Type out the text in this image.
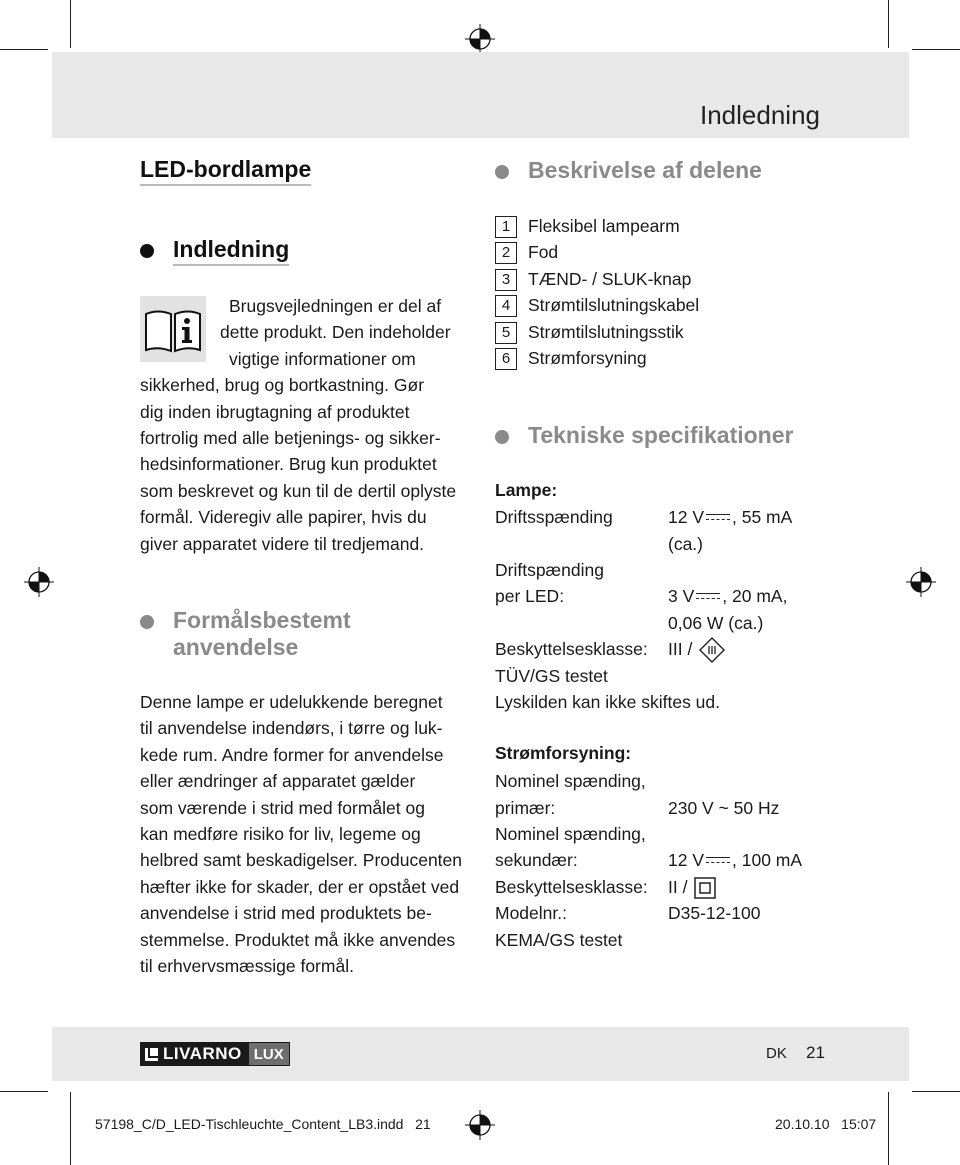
Indledning
LED-bordlampe
Indledning
Brugsvejledningen er del af
dette produkt. Den indeholder
vigtige informationer om
sikkerhed, brug og bortkastning. Gør
dig inden ibrugtagning af produktet
fortrolig med alle betjenings- og sikker-
hedsinformationer. Brug kun produktet
som beskrevet og kun til de dertil oplyste
formål. Videregiv alle papirer, hvis du
giver apparatet videre til tredjemand.
Formålsbestemt
anvendelse
Denne lampe er udelukkende beregnet
til anvendelse indendørs, i tørre og luk-
kede rum. Andre former for anvendelse
eller ændringer af apparatet gælder
som værende i strid med formålet og
kan medføre risiko for liv, legeme og
helbred samt beskadigelser. Producenten
hæfter ikke for skader, der er opstået ved
anvendelse i strid med produktets be-
stemmelse. Produktet må ikke anvendes
til erhvervsmæssige formål.
Beskrivelse af delene
1	Fleksibel lampearm
2	Fod
3	TÆND- / SLUK-knap
4	Strømtilslutningskabel
5	Strømtilslutningsstik
6	Strømforsyning
Tekniske specifikationer
Lampe:
Driftsspænding	12 V , 55 mA
(ca.)
Driftspænding
per LED:	3 V , 20 mA,
0,06 W (ca.)
Beskyttelsesklasse: III /
TÜV/GS testet
Lyskilden kan ikke skiftes ud.
Strømforsyning:
Nominel spænding,
primær:	230 V ~ 50 Hz
Nominel spænding,
sekundær:	12 V , 100 mA
Beskyttelsesklasse: II /
Modelnr.:	D35-12-100
KEMA/GS testet
LIVARNO LUX	DK 21
57198_C/D_LED-Tischleuchte_Content_LB3.indd   21	20.10.10   15:07
